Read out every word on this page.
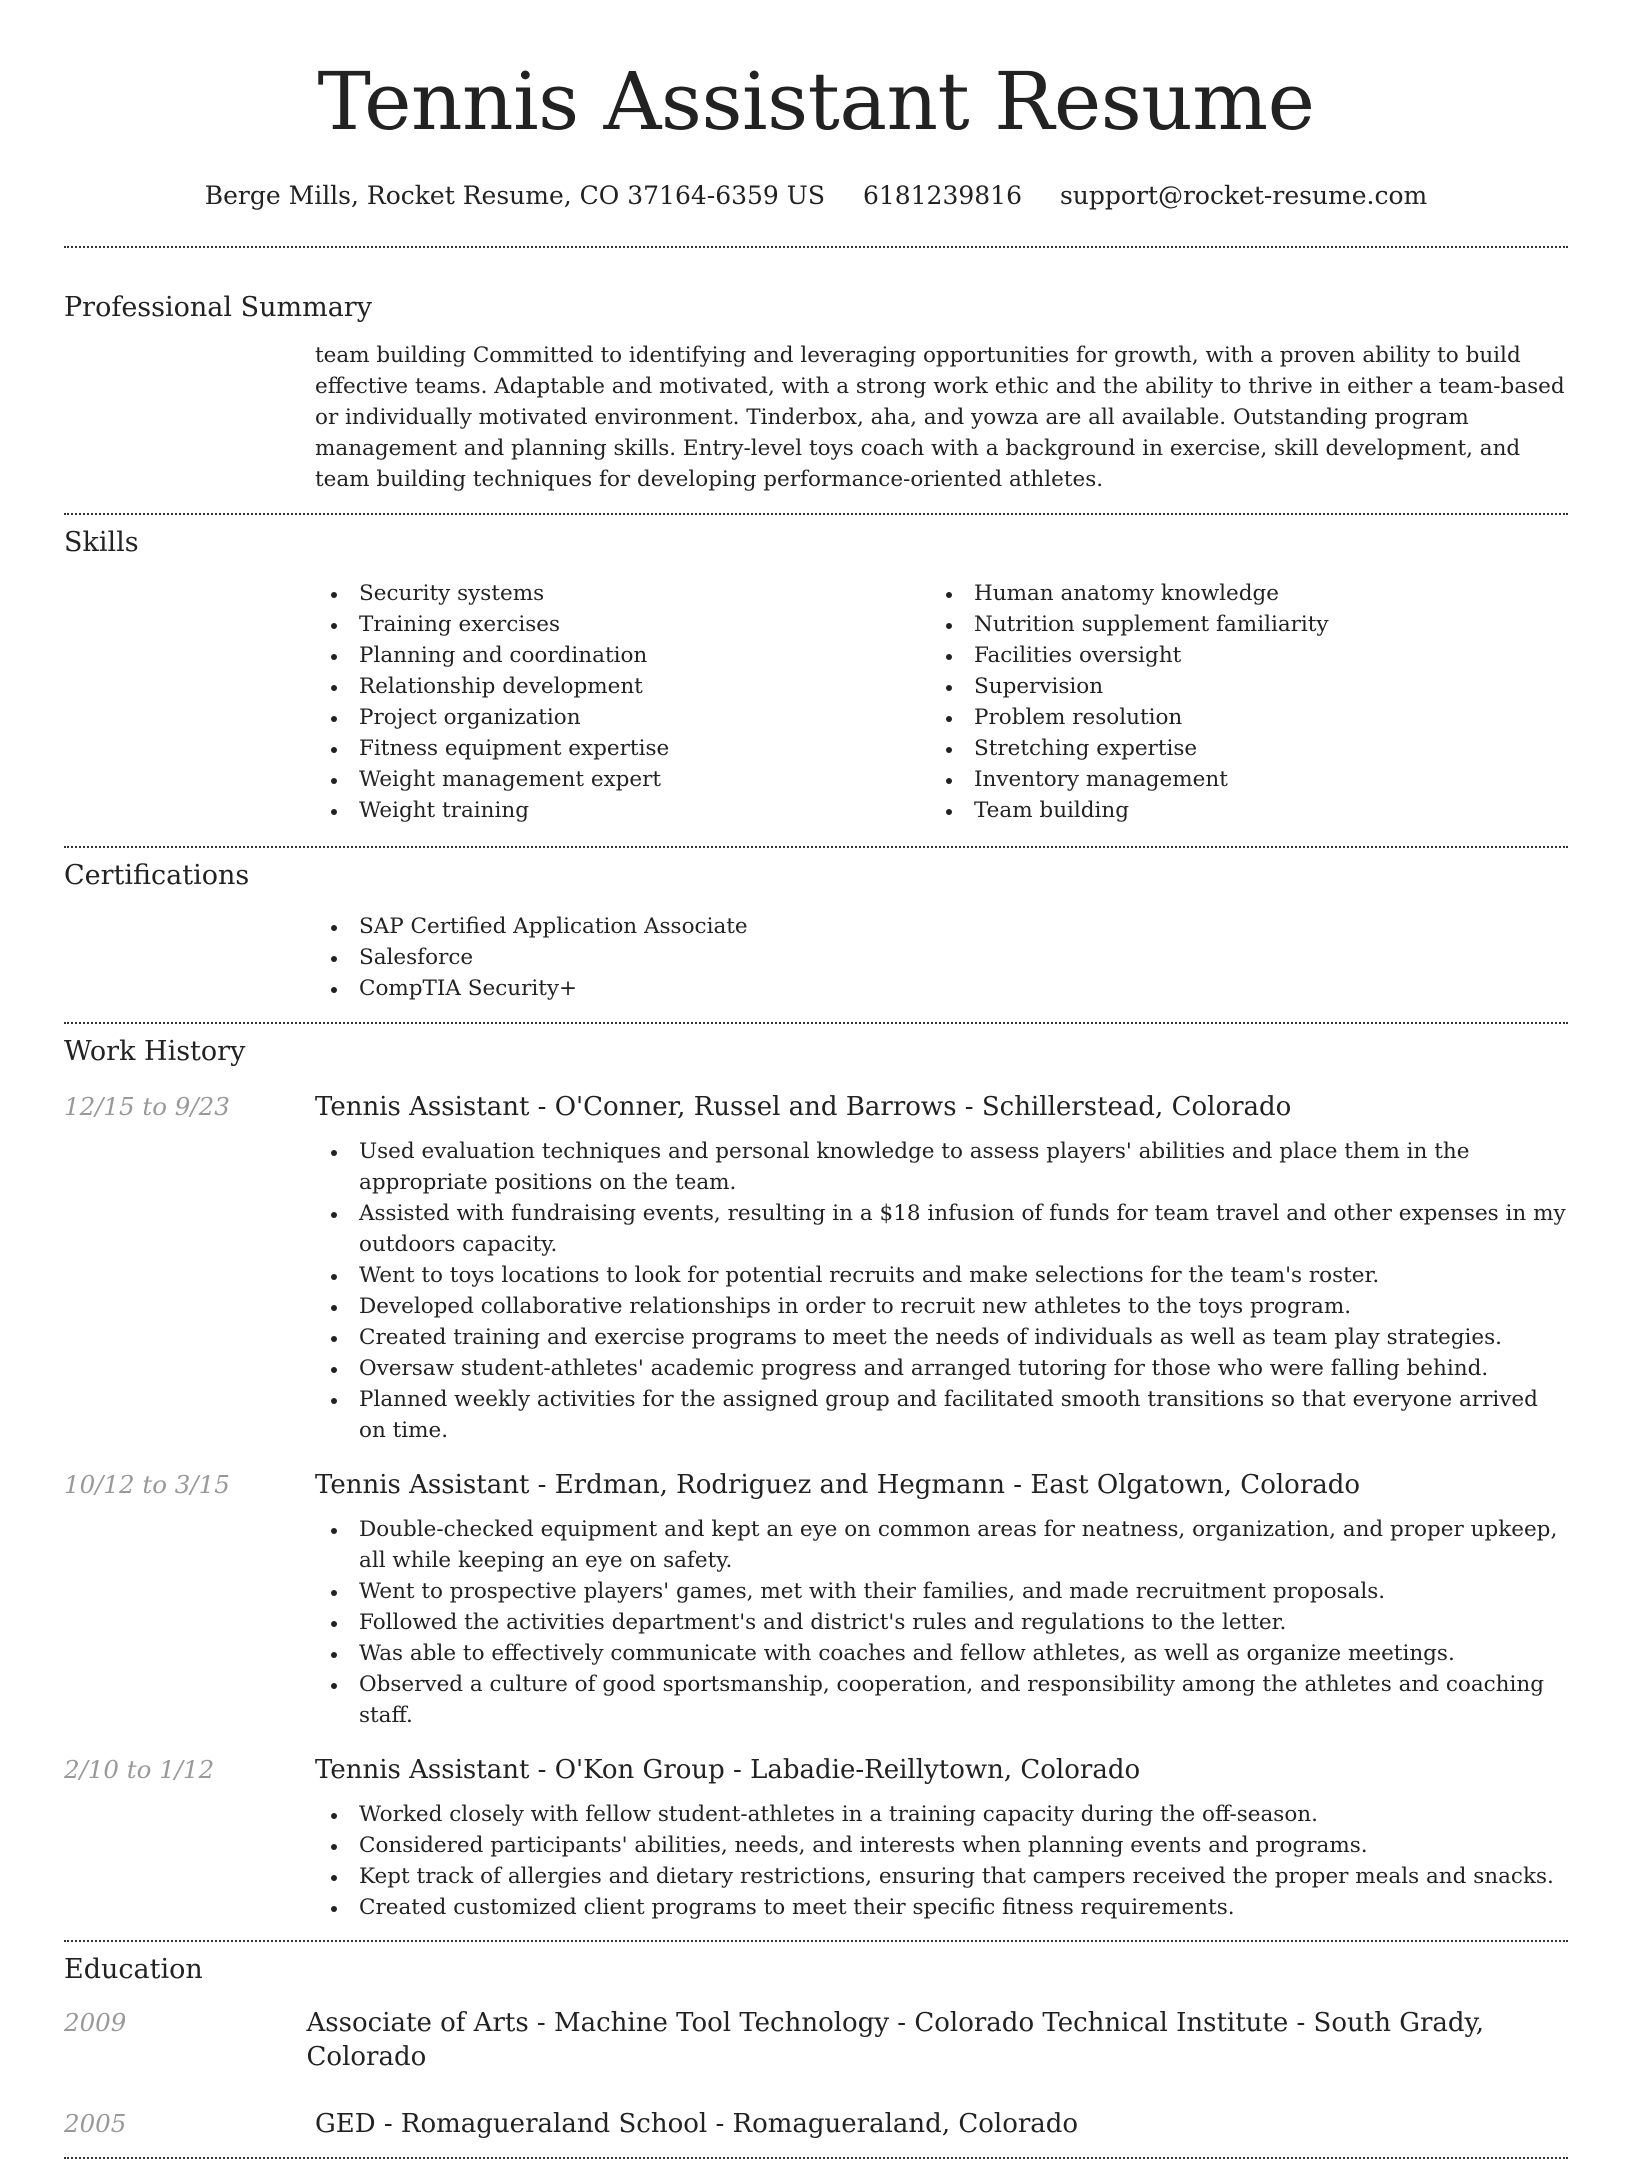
Tennis Assistant Resume
Berge Mills, Rocket Resume, CO 37164-6359 US 6181239816 support@rocket-resume.com
Professional Summary

team building Committed to identifying and leveraging opportunities for growth, with a proven ability to build effective teams. Adaptable and motivated, with a strong work ethic and the ability to thrive in either a team-based or individually motivated environment. Tinderbox, aha, and yowza are all available. Outstanding program management and planning skills. Entry-level toys coach with a background in exercise, skill development, and team building techniques for developing performance-oriented athletes.

Skills
Security systems
Training exercises
Planning and coordination
Relationship development
Project organization
Fitness equipment expertise
Weight management expert
Weight training
Human anatomy knowledge
Nutrition supplement familiarity
Facilities oversight
Supervision
Problem resolution
Stretching expertise
Inventory management
Team building
Certifications
SAP Certified Application Associate
Salesforce
CompTIA Security+
Work History
12/15 to 9/23	Tennis Assistant - O'Conner, Russel and Barrows - Schillerstead, Colorado
Used evaluation techniques and personal knowledge to assess players' abilities and place them in the appropriate positions on the team.
Assisted with fundraising events, resulting in a $18 infusion of funds for team travel and other expenses in my outdoors capacity.
Went to toys locations to look for potential recruits and make selections for the team's roster.
Developed collaborative relationships in order to recruit new athletes to the toys program.
Created training and exercise programs to meet the needs of individuals as well as team play strategies.
Oversaw student-athletes' academic progress and arranged tutoring for those who were falling behind.
Planned weekly activities for the assigned group and facilitated smooth transitions so that everyone arrived on time.
10/12 to 3/15	Tennis Assistant - Erdman, Rodriguez and Hegmann - East Olgatown, Colorado
Double-checked equipment and kept an eye on common areas for neatness, organization, and proper upkeep, all while keeping an eye on safety.
Went to prospective players' games, met with their families, and made recruitment proposals.
Followed the activities department's and district's rules and regulations to the letter.
Was able to effectively communicate with coaches and fellow athletes, as well as organize meetings.
Observed a culture of good sportsmanship, cooperation, and responsibility among the athletes and coaching staff.
2/10 to 1/12	Tennis Assistant - O'Kon Group - Labadie-Reillytown, Colorado
Worked closely with fellow student-athletes in a training capacity during the off-season.
Considered participants' abilities, needs, and interests when planning events and programs.
Kept track of allergies and dietary restrictions, ensuring that campers received the proper meals and snacks.
Created customized client programs to meet their specific fitness requirements.
Education
2009	Associate of Arts - Machine Tool Technology - Colorado Technical Institute - South Grady, Colorado
2005	GED - Romagueraland School - Romagueraland, Colorado
